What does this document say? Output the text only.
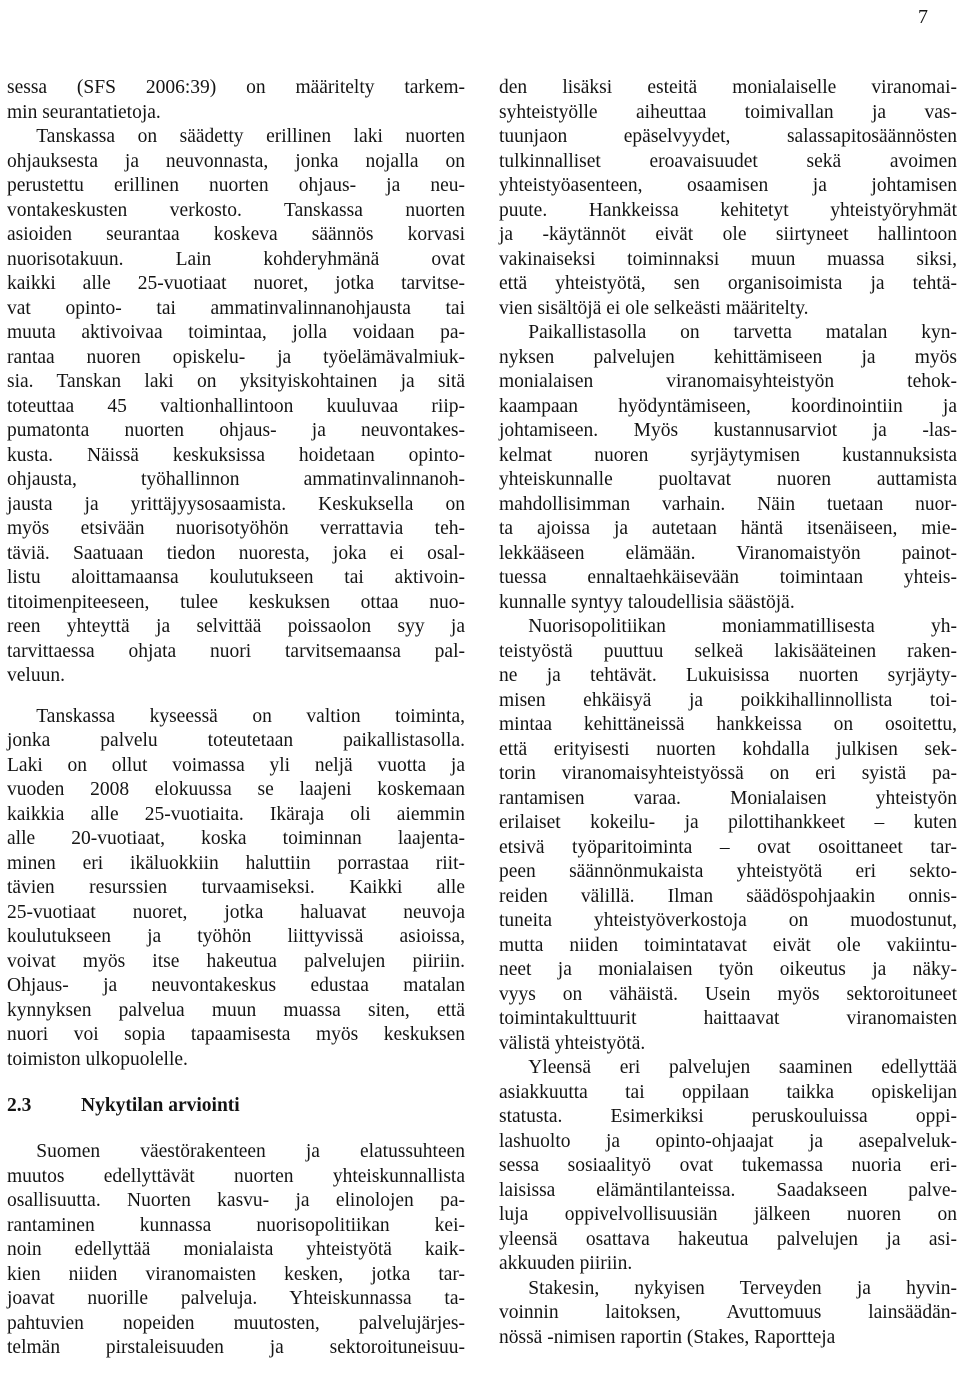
7
sessa (SFS 2006:39) on määritelty tarkem-
min seurantatietoja.
  Tanskassa on säädetty erillinen laki nuorten
ohjauksesta ja neuvonnasta, jonka nojalla on
perustettu erillinen nuorten ohjaus- ja neu-
vontakeskusten verkosto. Tanskassa nuorten
asioiden seurantaa koskeva säännös korvasi
nuorisotakuun. Lain kohderyhmänä ovat
kaikki alle 25-vuotiaat nuoret, jotka tarvitse-
vat opinto- tai ammatinvalinnanohjausta tai
muuta aktivoivaa toimintaa, jolla voidaan pa-
rantaa nuoren opiskelu- ja työelämävalmiuk-
sia. Tanskan laki on yksityiskohtainen ja sitä
toteuttaa 45 valtionhallintoon kuuluvaa riip-
pumatonta nuorten ohjaus- ja neuvontakes-
kusta. Näissä keskuksissa hoidetaan opinto-
ohjausta, työhallinnon ammatinvalinnanoh-
jausta ja yrittäjyysosaamista. Keskuksella on
myös etsivään nuorisotyöhön verrattavia teh-
täviä. Saatuaan tiedon nuoresta, joka ei osal-
listu aloittamaansa koulutukseen tai aktivoin-
titoimenpiteeseen, tulee keskuksen ottaa nuo-
reen yhteyttä ja selvittää poissaolon syy ja
tarvittaessa ohjata nuori tarvitsemaansa pal-
veluun.
  Tanskassa kyseessä on valtion toiminta,
jonka palvelu toteutetaan paikallistasolla.
Laki on ollut voimassa yli neljä vuotta ja
vuoden 2008 elokuussa se laajeni koskemaan
kaikkia alle 25-vuotiaita. Ikäraja oli aiemmin
alle 20-vuotiaat, koska toiminnan laajenta-
minen eri ikäluokkiin haluttiin porrastaa riit-
tävien resurssien turvaamiseksi. Kaikki alle
25-vuotiaat nuoret, jotka haluavat neuvoja
koulutukseen ja työhön liittyvissä asioissa,
voivat myös itse hakeutua palvelujen piiriin.
Ohjaus- ja neuvontakeskus edustaa matalan
kynnyksen palvelua muun muassa siten, että
nuori voi sopia tapaamisesta myös keskuksen
toimiston ulkopuolelle.
2.3	Nykytilan arviointi
  Suomen väestörakenteen ja elatussuhteen
muutos edellyttävät nuorten yhteiskunnallista
osallisuutta. Nuorten kasvu- ja elinolojen pa-
rantaminen kunnassa nuorisopolitiikan kei-
noin edellyttää monialaista yhteistyötä kaik-
kien niiden viranomaisten kesken, jotka tar-
joavat nuorille palveluja. Yhteiskunnassa ta-
pahtuvien nopeiden muutosten, palvelujärjes-
telmän pirstaleisuuden ja sektoroituneisuu-
den lisäksi esteitä monialaiselle viranomai-
syhteistyölle aiheuttaa toimivallan ja vas-
tuunjaon epäselvyydet, salassapitosäännösten
tulkinnalliset eroavaisuudet sekä avoimen
yhteistyöasenteen, osaamisen ja johtamisen
puute. Hankkeissa kehitetyt yhteistyöryhmät
ja -käytännöt eivät ole siirtyneet hallintoon
vakinaiseksi toiminnaksi muun muassa siksi,
että yhteistyötä, sen organisoimista ja tehtä-
vien sisältöjä ei ole selkeästi määritelty.
  Paikallistasolla on tarvetta matalan kyn-
nyksen palvelujen kehittämiseen ja myös
monialaisen viranomaisyhteistyön tehok-
kaampaan hyödyntämiseen, koordinointiin ja
johtamiseen. Myös kustannusarviot ja -las-
kelmat nuoren syrjäytymisen kustannuksista
yhteiskunnalle puoltavat nuoren auttamista
mahdollisimman varhain. Näin tuetaan nuor-
ta ajoissa ja autetaan häntä itsenäiseen, mie-
lekkääseen elämään. Viranomaistyön painot-
tuessa ennaltaehkäisevään toimintaan yhteis-
kunnalle syntyy taloudellisia säästöjä.
  Nuorisopolitiikan moniammatillisesta yh-
teistyöstä puuttuu selkeä lakisääteinen raken-
ne ja tehtävät. Lukuisissa nuorten syrjäyty-
misen ehkäisyä ja poikkihallinnollista toi-
mintaa kehittäneissä hankkeissa on osoitettu,
että erityisesti nuorten kohdalla julkisen sek-
torin viranomaisyhteistyössä on eri syistä pa-
rantamisen varaa. Monialaisen yhteistyön
erilaiset kokeilu- ja pilottihankkeet – kuten
etsivä työparitoiminta – ovat osoittaneet tar-
peen säännönmukaista yhteistyötä eri sekto-
reiden välillä. Ilman säädöspohjaakin onnis-
tuneita yhteistyöverkostoja on muodostunut,
mutta niiden toimintatavat eivät ole vakiintu-
neet ja monialaisen työn oikeutus ja näky-
vyys on vähäistä. Usein myös sektoroituneet
toimintakulttuurit haittaavat viranomaisten
välistä yhteistyötä.
  Yleensä eri palvelujen saaminen edellyttää
asiakkuutta tai oppilaan taikka opiskelijan
statusta. Esimerkiksi peruskouluissa oppi-
lashuolto ja opinto-ohjaajat ja asepalveluk-
sessa sosiaalityö ovat tukemassa nuoria eri-
laisissa elämäntilanteissa. Saadakseen palve-
luja oppivelvollisuusiän jälkeen nuoren on
yleensä osattava hakeutua palvelujen ja asi-
akkuuden piiriin.
  Stakesin, nykyisen Terveyden ja hyvin-
voinnin laitoksen, Avuttomuus lainsäädän-
nössä -nimisen raportin (Stakes, Raportteja
